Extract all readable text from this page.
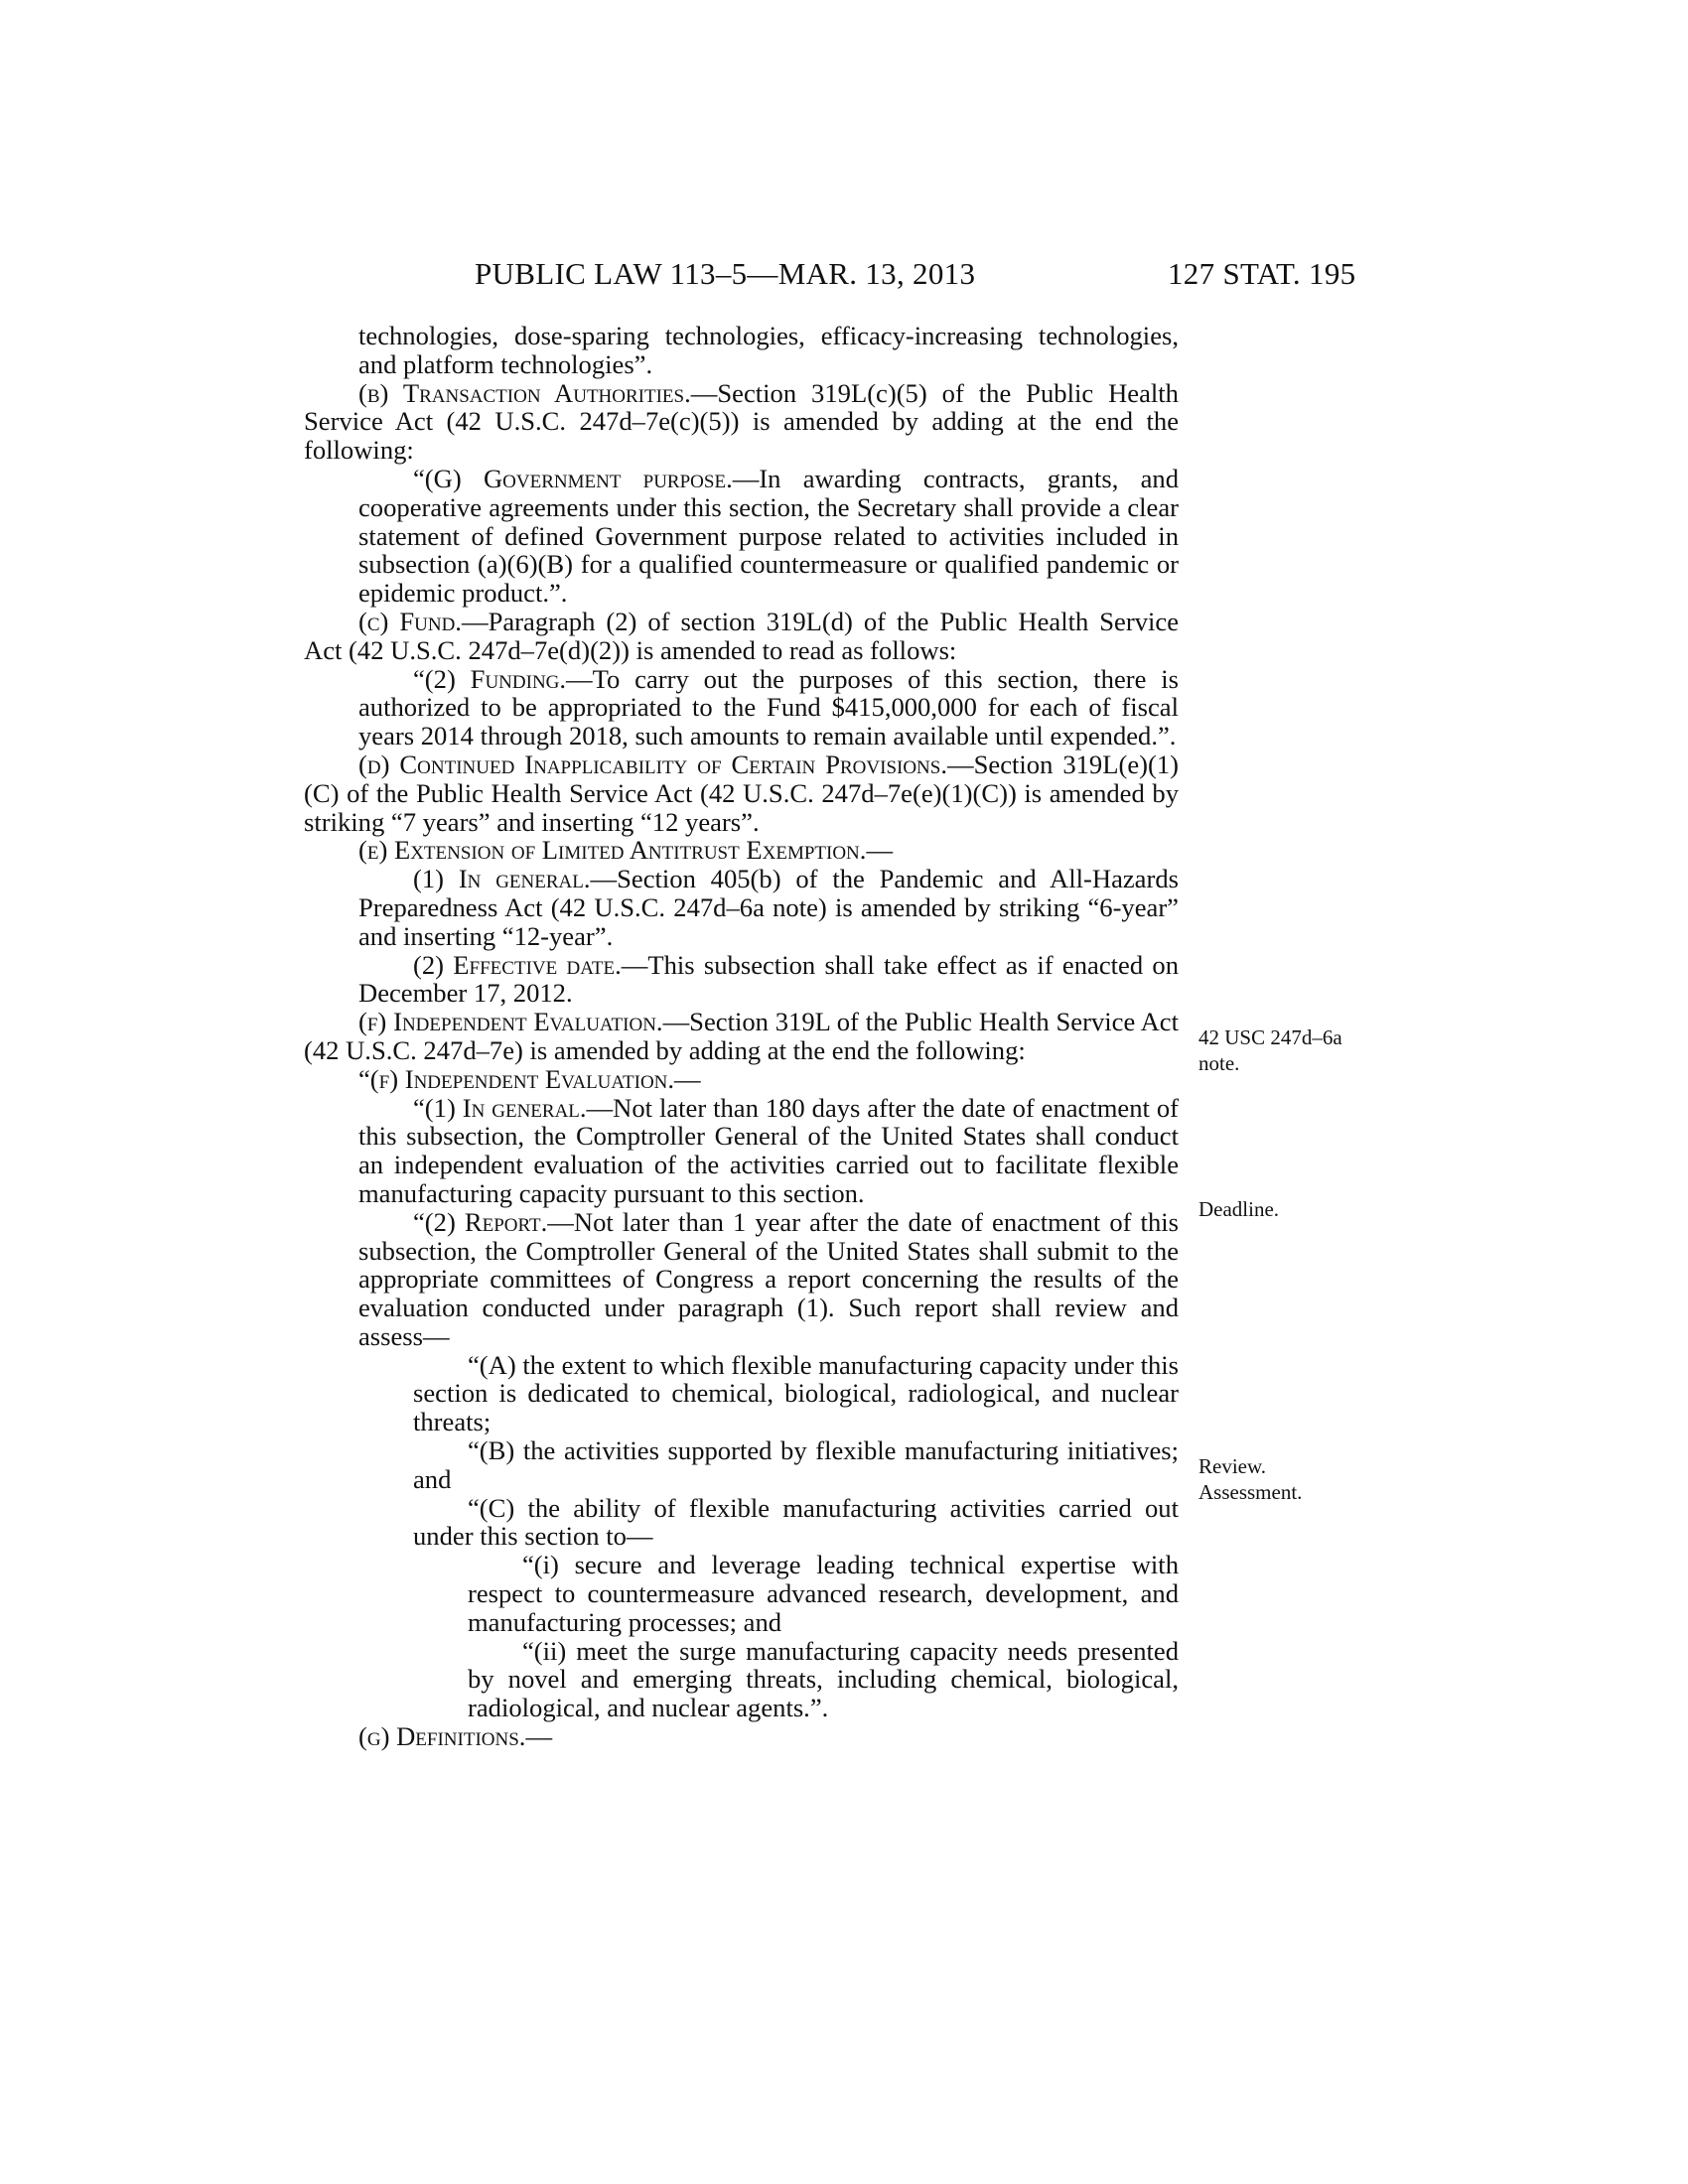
PUBLIC LAW 113–5—MAR. 13, 2013	127 STAT. 195

technologies, dose-sparing technologies, efficacy-increasing technologies, and platform technologies”.

(b) Transaction Authorities.—Section 319L(c)(5) of the Public Health Service Act (42 U.S.C. 247d–7e(c)(5)) is amended by adding at the end the following:

“(G) Government purpose.—In awarding contracts, grants, and cooperative agreements under this section, the Secretary shall provide a clear statement of defined Government purpose related to activities included in subsection (a)(6)(B) for a qualified countermeasure or qualified pandemic or epidemic product.”.

(c) Fund.—Paragraph (2) of section 319L(d) of the Public Health Service Act (42 U.S.C. 247d–7e(d)(2)) is amended to read as follows:

“(2) Funding.—To carry out the purposes of this section, there is authorized to be appropriated to the Fund $415,000,000 for each of fiscal years 2014 through 2018, such amounts to remain available until expended.”.

(d) Continued Inapplicability of Certain Provisions.—Section 319L(e)(1)(C) of the Public Health Service Act (42 U.S.C. 247d–7e(e)(1)(C)) is amended by striking “7 years” and inserting “12 years”.

(e) Extension of Limited Antitrust Exemption.—

(1) In general.—Section 405(b) of the Pandemic and All-Hazards Preparedness Act (42 U.S.C. 247d–6a note) is amended by striking “6-year” and inserting “12-year”.

(2) Effective date.—This subsection shall take effect as if enacted on December 17, 2012.

(f) Independent Evaluation.—Section 319L of the Public Health Service Act (42 U.S.C. 247d–7e) is amended by adding at the end the following:

“(f) Independent Evaluation.—

“(1) In general.—Not later than 180 days after the date of enactment of this subsection, the Comptroller General of the United States shall conduct an independent evaluation of the activities carried out to facilitate flexible manufacturing capacity pursuant to this section.

“(2) Report.—Not later than 1 year after the date of enactment of this subsection, the Comptroller General of the United States shall submit to the appropriate committees of Congress a report concerning the results of the evaluation conducted under paragraph (1). Such report shall review and assess—

“(A) the extent to which flexible manufacturing capacity under this section is dedicated to chemical, biological, radiological, and nuclear threats;

“(B) the activities supported by flexible manufacturing initiatives; and

“(C) the ability of flexible manufacturing activities carried out under this section to—

“(i) secure and leverage leading technical expertise with respect to countermeasure advanced research, development, and manufacturing processes; and

“(ii) meet the surge manufacturing capacity needs presented by novel and emerging threats, including chemical, biological, radiological, and nuclear agents.”.

(g) Definitions.—

42 USC 247d–6a
note.
Deadline.
Review.
Assessment.
